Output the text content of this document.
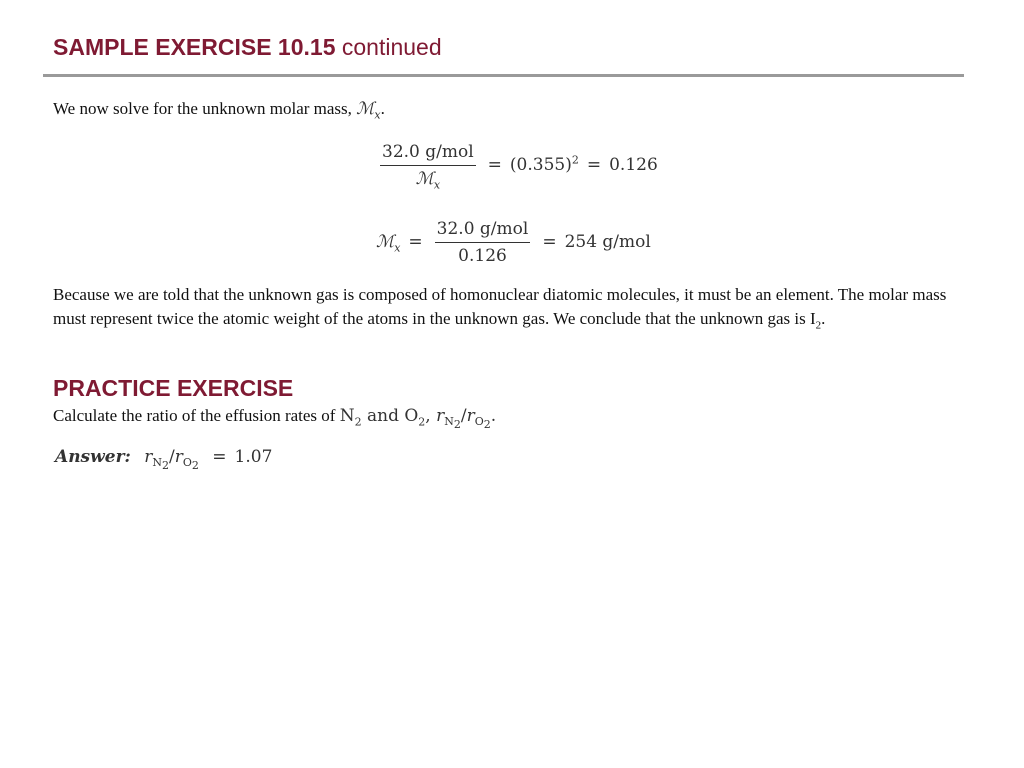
SAMPLE EXERCISE 10.15 continued
We now solve for the unknown molar mass, ℳ$_x$.
$\frac{\text{32.0 g/mol}}{ℳ_x} = (0.355)^2 = 0.126$
ℳ$_x$ = $\frac{\text{32.0 g/mol}}{0.126} = 254$ g/mol
Because we are told that the unknown gas is composed of homonuclear diatomic molecules, it must be an element. The molar mass must represent twice the atomic weight of the atoms in the unknown gas. We conclude that the unknown gas is $I_2$.
PRACTICE EXERCISE
Calculate the ratio of the effusion rates of $N_2$ and $O_2$, $r_{N_2}/r_{O_2}$.
Answer: $r_{N_2}/r_{O_2} = 1.07$
